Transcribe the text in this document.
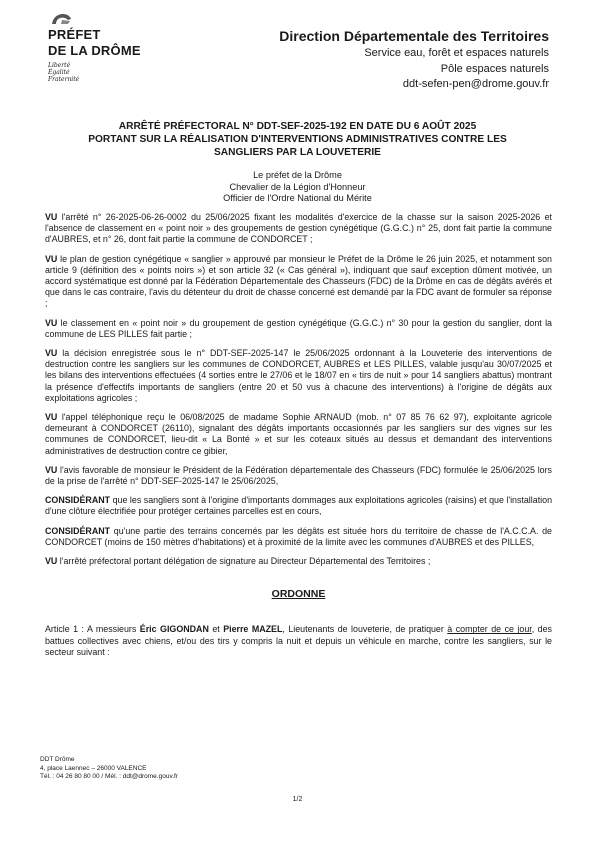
PRÉFET
DE LA DRÔME
Liberté
Égalité
Fraternité
Direction Départementale des Territoires
Service eau, forêt et espaces naturels
Pôle espaces naturels
ddt-sefen-pen@drome.gouv.fr
ARRÊTÉ PRÉFECTORAL N° DDT-SEF-2025-192 EN DATE DU 6 AOÛT 2025
PORTANT SUR LA RÉALISATION D'INTERVENTIONS ADMINISTRATIVES CONTRE LES
SANGLIERS PAR LA LOUVETERIE
Le préfet de la Drôme
Chevalier de la Légion d'Honneur
Officier de l'Ordre National du Mérite

VU l'arrêté n° 26-2025-06-26-0002 du 25/06/2025 fixant les modalités d'exercice de la chasse sur la saison 2025-2026 et l'absence de classement en « point noir » des groupements de gestion cynégétique (G.G.C.) n° 25, dont fait partie la commune d'AUBRES, et n° 26, dont fait partie la commune de CONDORCET ;

VU le plan de gestion cynégétique « sanglier » approuvé par monsieur le Préfet de la Drôme le 26 juin 2025, et notamment son article 9 (définition des « points noirs ») et son article 32 (« Cas général »), indiquant que sauf exception dûment motivée, un accord systématique est donné par la Fédération Départementale des Chasseurs (FDC) de la Drôme en cas de dégâts avérés et que dans le cas contraire, l'avis du détenteur du droit de chasse concerné est demandé par la FDC avant de formuler sa réponse ;

VU le classement en « point noir » du groupement de gestion cynégétique (G.G.C.) n° 30 pour la gestion du sanglier, dont la commune de LES PILLES fait partie ;

VU la décision enregistrée sous le n° DDT-SEF-2025-147 le 25/06/2025 ordonnant à la Louveterie des interventions de destruction contre les sangliers sur les communes de CONDORCET, AUBRES et LES PILLES, valable jusqu'au 30/07/2025 et les bilans des interventions effectuées (4 sorties entre le 27/06 et le 18/07 en « tirs de nuit » pour 14 sangliers abattus) montrant la présence d'effectifs importants de sangliers (entre 20 et 50 vus à chacune des interventions) à l'origine de dégâts aux exploitations agricoles ;

VU l'appel téléphonique reçu le 06/08/2025 de madame Sophie ARNAUD (mob. n° 07 85 76 62 97), exploitante agricole demeurant à CONDORCET (26110), signalant des dégâts importants occasionnés par les sangliers sur des vignes sur les communes de CONDORCET, lieu-dit « La Bonté » et sur les coteaux situés au dessus et demandant des interventions administratives de destruction contre ce gibier,

VU l'avis favorable de monsieur le Président de la Fédération départementale des Chasseurs (FDC) formulée le 25/06/2025 lors de la prise de l'arrêté n° DDT-SEF-2025-147 le 25/06/2025,

CONSIDÉRANT que les sangliers sont à l'origine d'importants dommages aux exploitations agricoles (raisins) et que l'installation d'une clôture électrifiée pour protéger certaines parcelles est en cours,

CONSIDÉRANT qu'une partie des terrains concernés par les dégâts est située hors du territoire de chasse de l'A.C.C.A. de CONDORCET (moins de 150 mètres d'habitations) et à proximité de la limite avec les communes d'AUBRES et des PILLES,

VU l'arrêté préfectoral portant délégation de signature au Directeur Départemental des Territoires ;

ORDONNE

Article 1 : A messieurs Éric GIGONDAN et Pierre MAZEL, Lieutenants de louveterie, de pratiquer à compter de ce jour, des battues collectives avec chiens, et/ou des tirs y compris la nuit et depuis un véhicule en marche, contre les sangliers, sur le secteur suivant :

DDT Drôme
4, place Laennec – 26000 VALENCE
Tél. : 04 26 80 80 00 / Mél. : ddt@drome.gouv.fr
1/2
